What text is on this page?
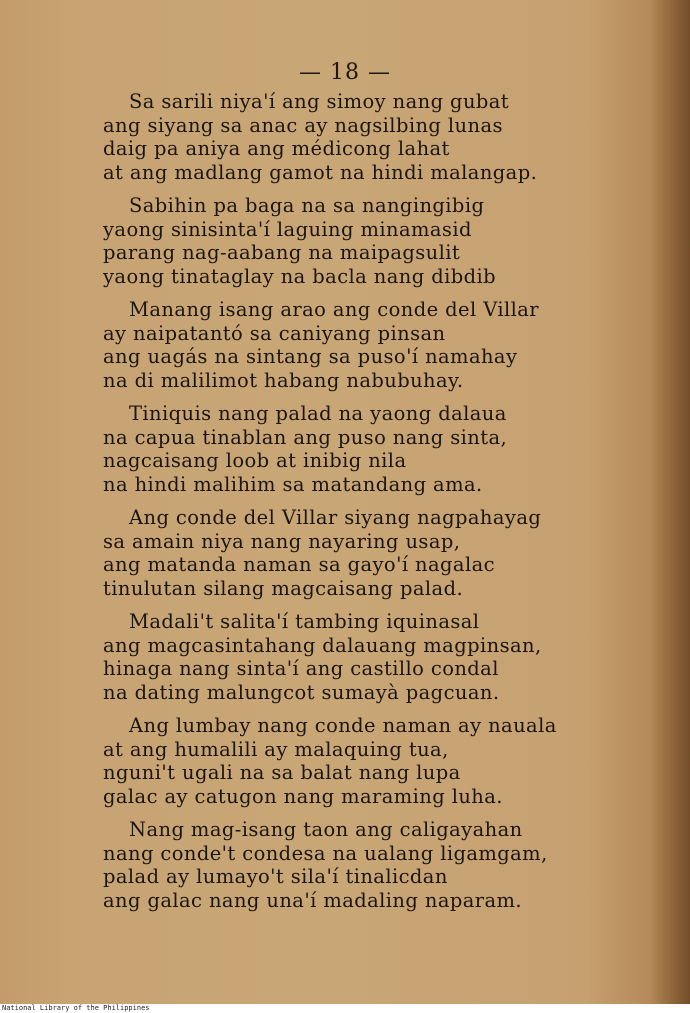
— 18 —
Sa sarili niya'í ang simoy nang gubat
ang siyang sa anac ay nagsilbing lunas
daig pa aniya ang médicong lahat
at ang madlang gamot na hindi malangap.
Sabihin pa baga na sa nangingibig
yaong sinisinta'í laguing minamasid
parang nag-aabang na maipagsulit
yaong tinataglay na bacla nang dibdib
Manang isang arao ang conde del Villar
ay naipatantó sa caniyang pinsan
ang uagás na sintang sa puso'í namahay
na di malilimot habang nabubuhay.
Tiniquis nang palad na yaong dalaua
na capua tinablan ang puso nang sinta,
nagcaisang loob at inibig nila
na hindi malihim sa matandang ama.
Ang conde del Villar siyang nagpahayag
sa amain niya nang nayaring usap,
ang matanda naman sa gayo'í nagalac
tinulutan silang magcaisang palad.
Madali't salita'í tambing iquinasal
ang magcasintahang dalauang magpinsan,
hinaga nang sinta'í ang castillo condal
na dating malungcot sumayà pagcuan.
Ang lumbay nang conde naman ay nauala
at ang humalili ay malaquing tua,
nguni't ugali na sa balat nang lupa
galac ay catugon nang maraming luha.
Nang mag-isang taon ang caligayahan
nang conde't condesa na ualang ligamgam,
palad ay lumayo't sila'í tinalicdan
ang galac nang una'í madaling naparam.
National Library of the Philippines
